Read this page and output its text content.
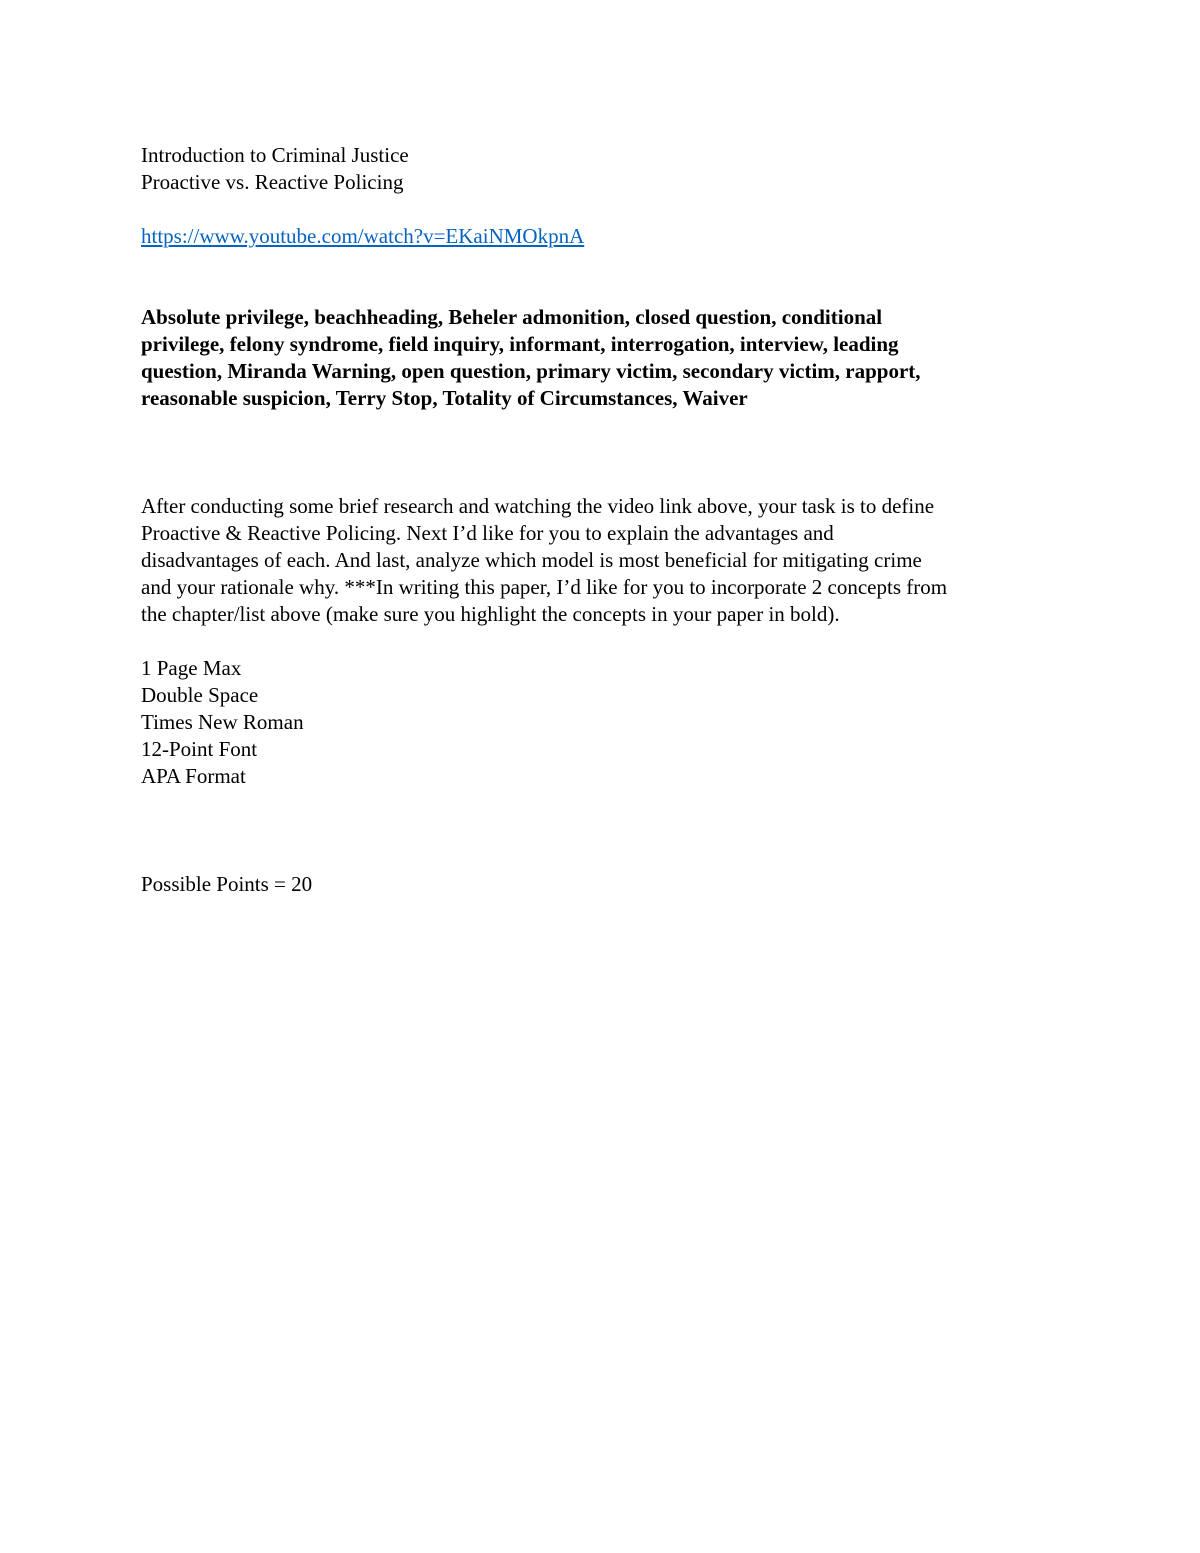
Introduction to Criminal Justice
Proactive vs. Reactive Policing
https://www.youtube.com/watch?v=EKaiNMOkpnA
Absolute privilege, beachheading, Beheler admonition, closed question, conditional
privilege, felony syndrome, field inquiry, informant, interrogation, interview, leading
question, Miranda Warning, open question, primary victim, secondary victim, rapport,
reasonable suspicion, Terry Stop, Totality of Circumstances, Waiver
After conducting some brief research and watching the video link above, your task is to define
Proactive & Reactive Policing. Next I’d like for you to explain the advantages and
disadvantages of each. And last, analyze which model is most beneficial for mitigating crime
and your rationale why. ***In writing this paper, I’d like for you to incorporate 2 concepts from
the chapter/list above (make sure you highlight the concepts in your paper in bold).
1 Page Max
Double Space
Times New Roman
12-Point Font
APA Format
Possible Points = 20
